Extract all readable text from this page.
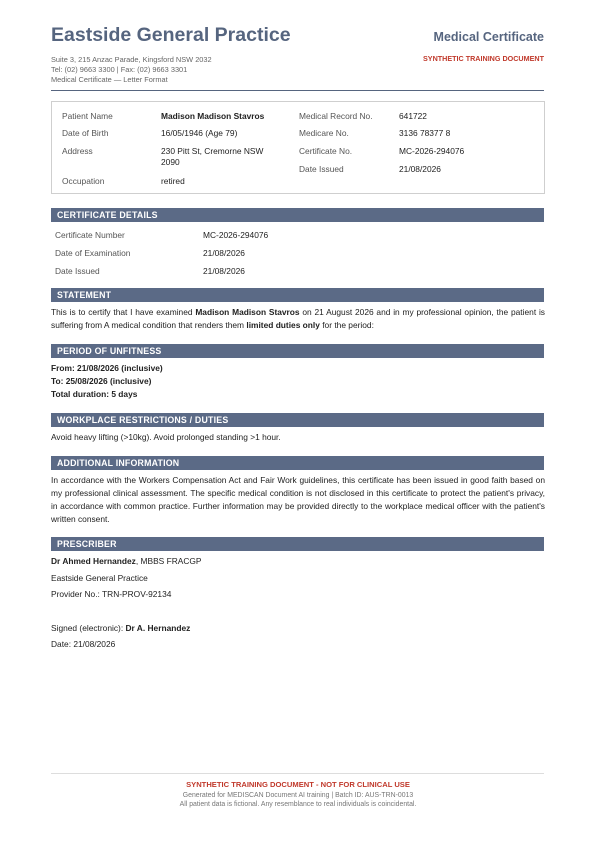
Eastside General Practice	Medical Certificate
SYNTHETIC TRAINING DOCUMENT
Suite 3, 215 Anzac Parade, Kingsford NSW 2032
Tel: (02) 9663 3300 | Fax: (02) 9663 3301
Medical Certificate — Letter Format
Patient Name	Madison Madison Stavros
Date of Birth	16/05/1946 (Age 79)
Address	230 Pitt St, Cremorne NSW
2090
Occupation	retired
Medical Record No.	641722
Medicare No.	3136 78377 8
Certificate No.	MC-2026-294076
Date Issued	21/08/2026
CERTIFICATE DETAILS
Certificate Number	MC-2026-294076
Date of Examination	21/08/2026
Date Issued	21/08/2026
STATEMENT
This is to certify that I have examined Madison Madison Stavros on 21 August 2026 and in my professional opinion, the patient is suffering from A medical condition that renders them limited duties only for the period:
PERIOD OF UNFITNESS
From: 21/08/2026 (inclusive)
To: 25/08/2026 (inclusive)
Total duration: 5 days
WORKPLACE RESTRICTIONS / DUTIES
Avoid heavy lifting (>10kg). Avoid prolonged standing >1 hour.
ADDITIONAL INFORMATION
In accordance with the Workers Compensation Act and Fair Work guidelines, this certificate has been issued in good faith based on my professional clinical assessment. The specific medical condition is not disclosed in this certificate to protect the patient's privacy, in accordance with common practice. Further information may be provided directly to the workplace medical officer with the patient's written consent.
PRESCRIBER
Dr Ahmed Hernandez, MBBS FRACGP
Eastside General Practice
Provider No.: TRN-PROV-92134
Signed (electronic): Dr A. Hernandez
Date: 21/08/2026
SYNTHETIC TRAINING DOCUMENT - NOT FOR CLINICAL USE
Generated for MEDISCAN Document AI training | Batch ID: AUS-TRN-0013
All patient data is fictional. Any resemblance to real individuals is coincidental.
